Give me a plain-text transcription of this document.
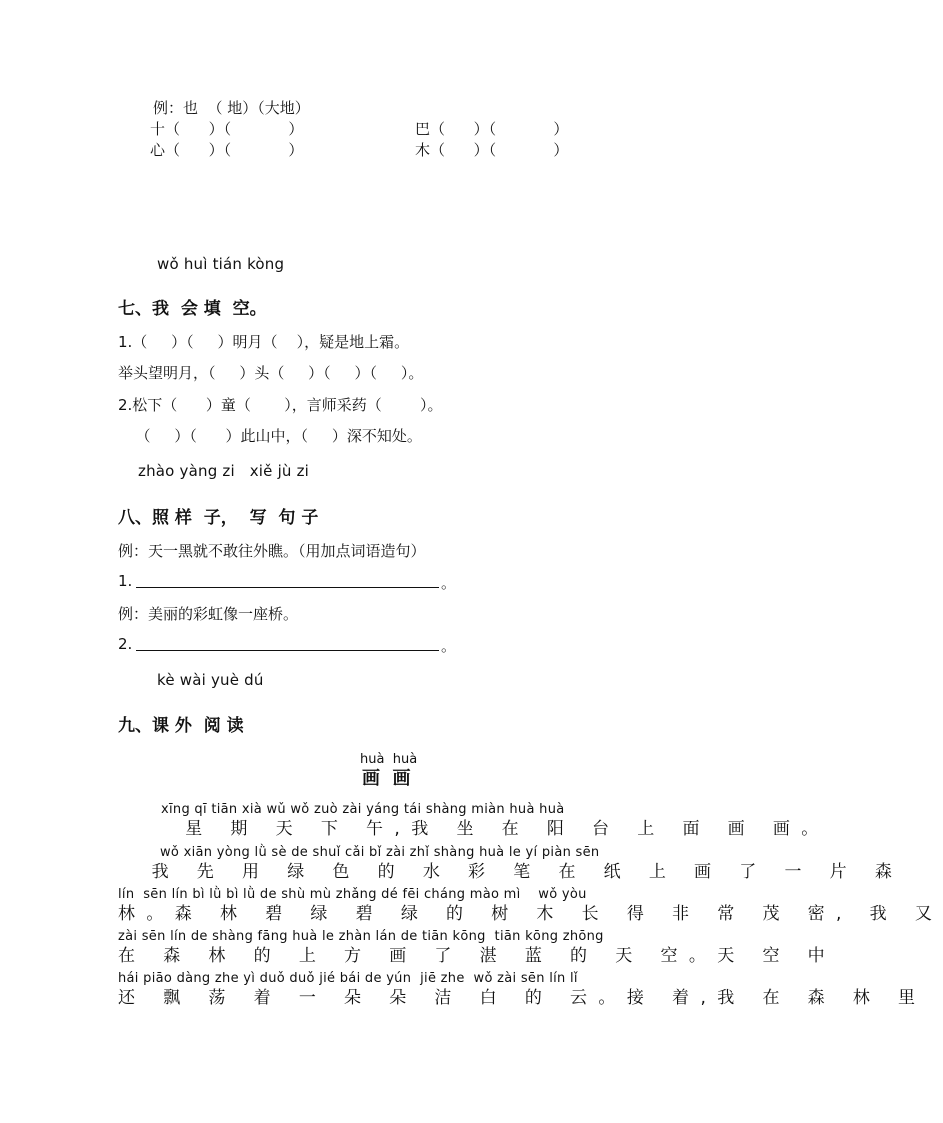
例：也  （ 地）（大地）
十（      ）（            ）	巴（      ）（            ）
心（      ）（            ）	木（      ）（            ）
wǒ huì tián kòng
七、我  会 填  空。
1.（     ）（     ）明月（    ），疑是地上霜。
举头望明月，（     ）头（     ）（     ）（     ）。
2.松下（      ）童（       ），言师采药（        ）。
（     ）（      ）此山中，（     ）深不知处。
zhào yàng zi   xiě jù zi
八、照 样  子，  写  句 子
例：天一黑就不敢往外瞧。（用加点词语造句）
1.	。
例：美丽的彩虹像一座桥。
2.	。
kè wài yuè dú
九、课 外  阅 读
huà  huà
画  画
xīng qī tiān xià wǔ wǒ zuò zài yáng tái shàng miàn huà huà
星 期 天 下 午,我 坐 在 阳 台 上 面 画 画。
wǒ xiān yòng lǜ sè de shuǐ cǎi bǐ zài zhǐ shàng huà le yí piàn sēn
我 先 用 绿 色 的 水 彩 笔 在 纸 上 画 了 一 片 森
lín  sēn lín bì lǜ bì lǜ de shù mù zhǎng dé fēi cháng mào mì    wǒ yòu
林。森 林 碧 绿 碧 绿 的 树 木 长 得 非 常 茂 密, 我 又
zài sēn lín de shàng fāng huà le zhàn lán de tiān kōng  tiān kōng zhōng
在 森 林 的 上 方 画 了 湛 蓝 的 天 空。天 空 中
hái piāo dàng zhe yì duǒ duǒ jié bái de yún  jiē zhe  wǒ zài sēn lín lǐ
还 飘 荡 着 一 朵 朵 洁 白 的 云。接 着,我 在 森 林 里
